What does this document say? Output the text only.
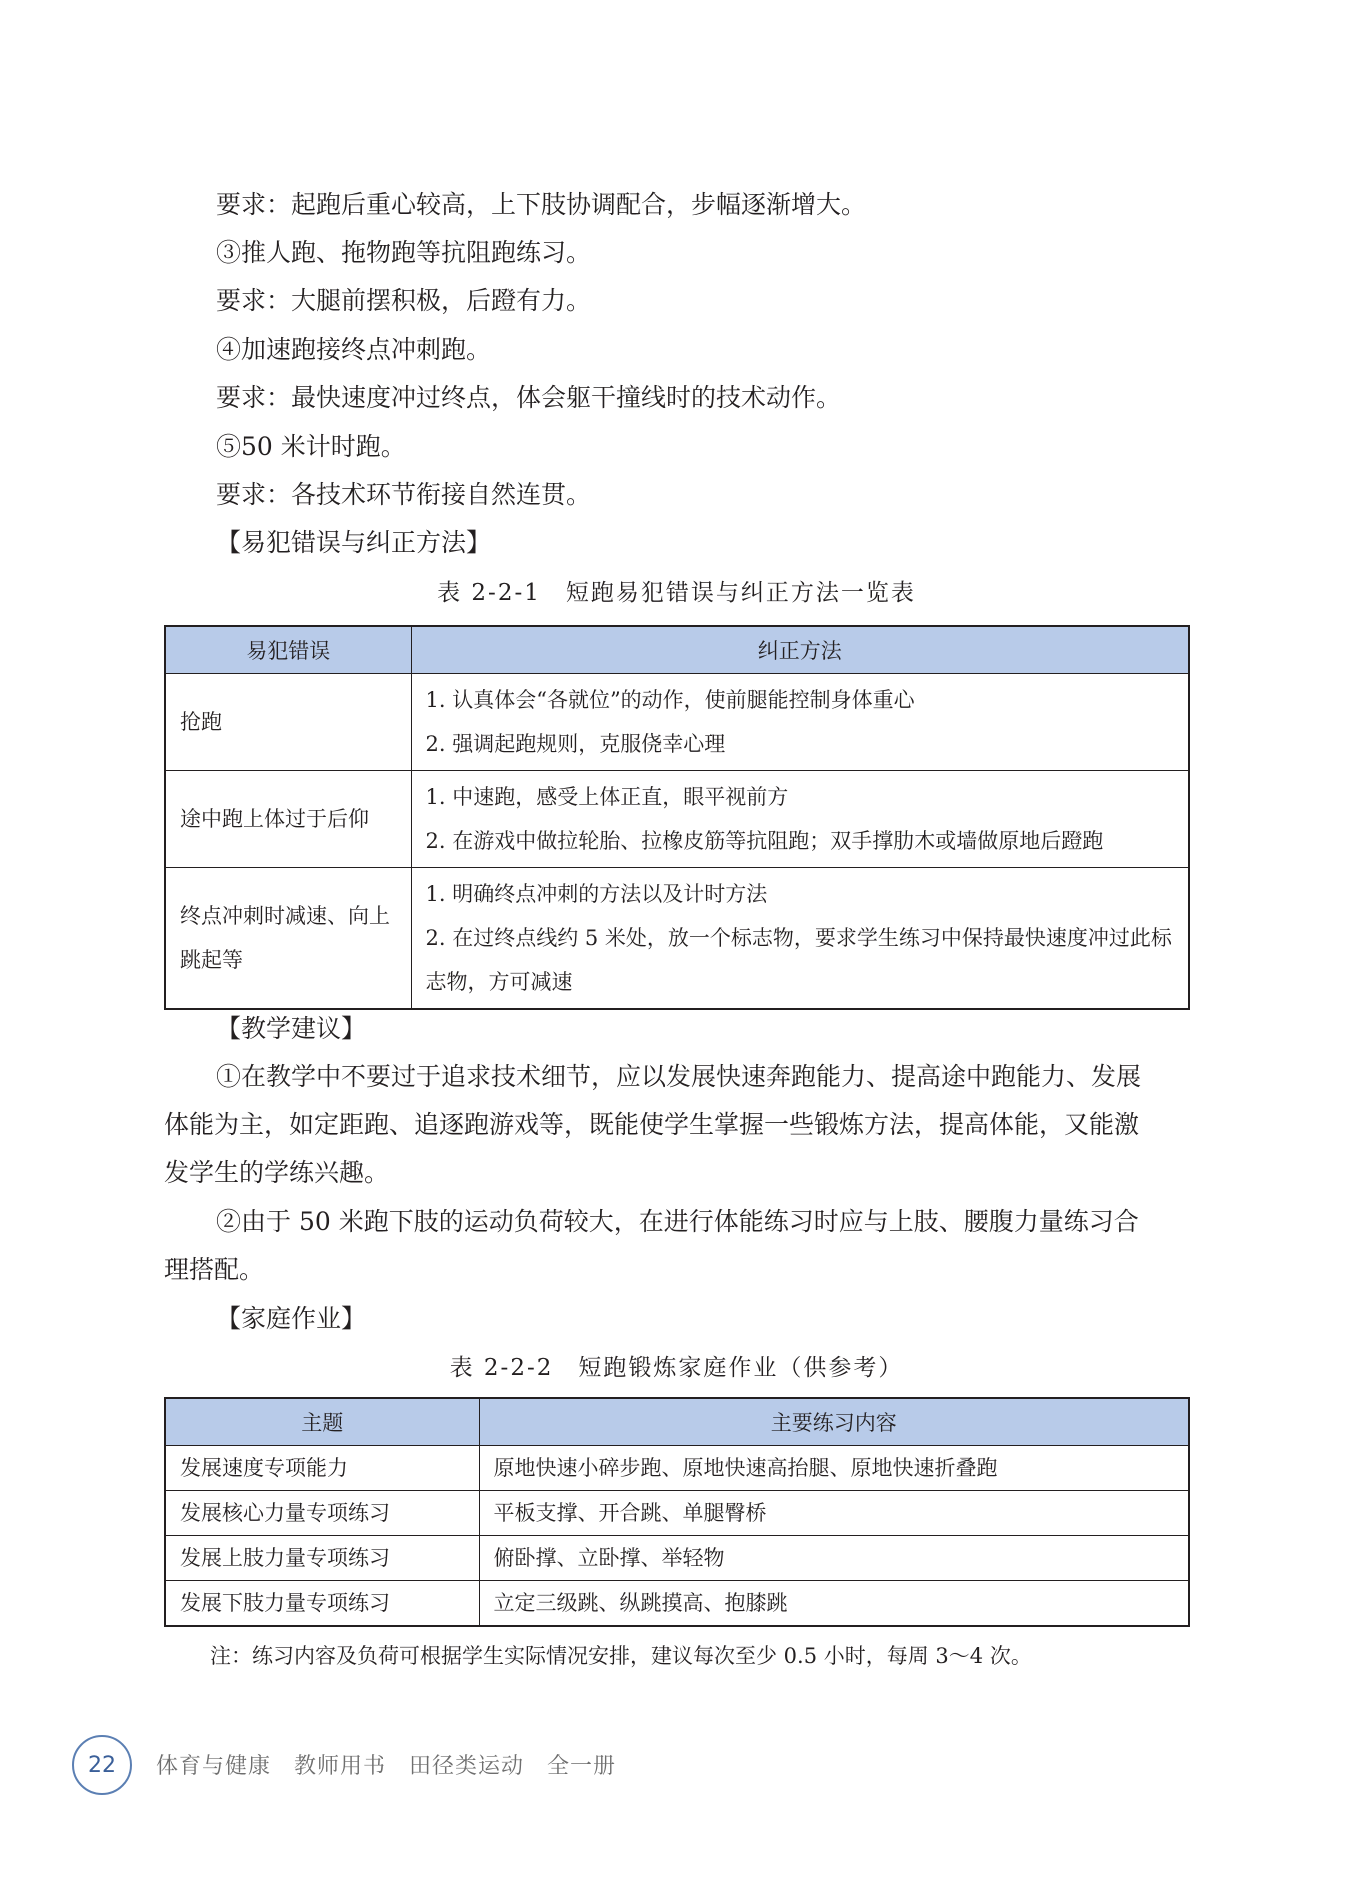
要求：起跑后重心较高，上下肢协调配合，步幅逐渐增大。
③推人跑、拖物跑等抗阻跑练习。
要求：大腿前摆积极，后蹬有力。
④加速跑接终点冲刺跑。
要求：最快速度冲过终点，体会躯干撞线时的技术动作。
⑤50 米计时跑。
要求：各技术环节衔接自然连贯。
【易犯错误与纠正方法】
表 2-2-1　短跑易犯错误与纠正方法一览表
易犯错误	纠正方法
抢跑	1. 认真体会“各就位”的动作，使前腿能控制身体重心
2. 强调起跑规则，克服侥幸心理

途中跑上体过于后仰	1. 中速跑，感受上体正直，眼平视前方
2. 在游戏中做拉轮胎、拉橡皮筋等抗阻跑；双手撑肋木或墙做原地后蹬跑

终点冲刺时减速、向上跳起等	1. 明确终点冲刺的方法以及计时方法
2. 在过终点线约 5 米处，放一个标志物，要求学生练习中保持最快速度冲过此标志物，方可减速
【教学建议】
①在教学中不要过于追求技术细节，应以发展快速奔跑能力、提高途中跑能力、发展
体能为主，如定距跑、追逐跑游戏等，既能使学生掌握一些锻炼方法，提高体能，又能激
发学生的学练兴趣。
②由于 50 米跑下肢的运动负荷较大，在进行体能练习时应与上肢、腰腹力量练习合
理搭配。
【家庭作业】
表 2-2-2　短跑锻炼家庭作业（供参考）
主题	主要练习内容
发展速度专项能力	原地快速小碎步跑、原地快速高抬腿、原地快速折叠跑
发展核心力量专项练习	平板支撑、开合跳、单腿臀桥
发展上肢力量专项练习	俯卧撑、立卧撑、举轻物
发展下肢力量专项练习	立定三级跳、纵跳摸高、抱膝跳
注：练习内容及负荷可根据学生实际情况安排，建议每次至少 0.5 小时，每周 3～4 次。
22	体育与健康　教师用书　田径类运动　全一册
